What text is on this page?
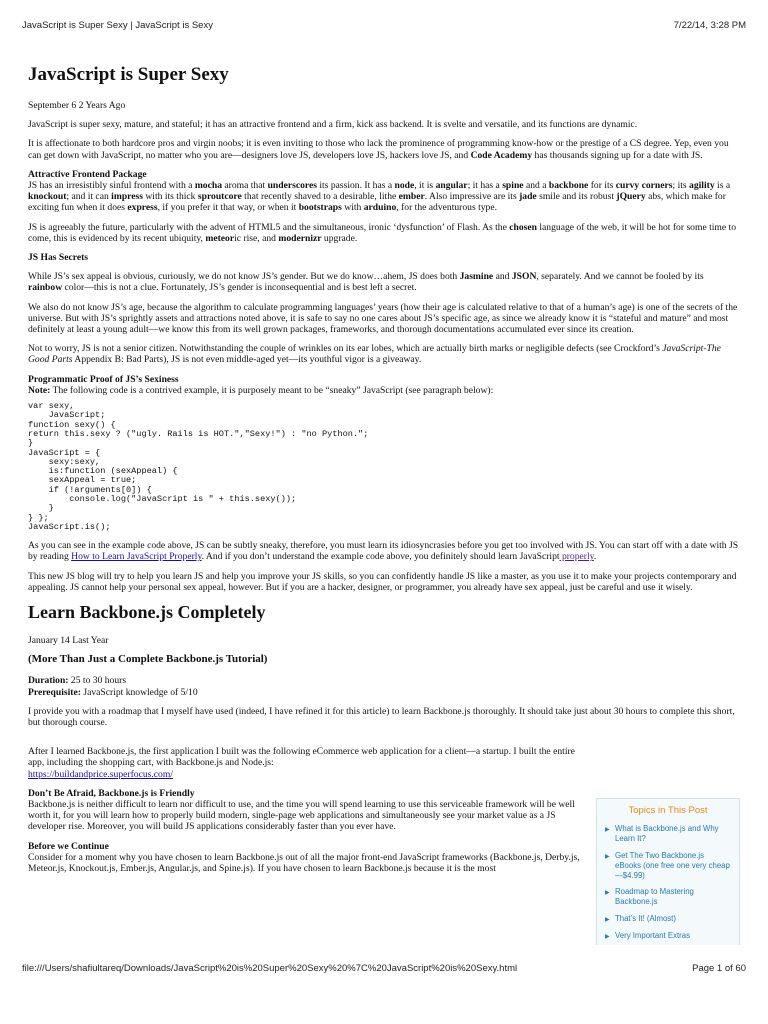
JavaScript is Super Sexy | JavaScript is Sexy	7/22/14, 3:28 PM
JavaScript is Super Sexy

September 6 2 Years Ago

JavaScript is super sexy, mature, and stateful; it has an attractive frontend and a firm, kick ass backend. It is svelte and versatile, and its functions are dynamic.

It is affectionate to both hardcore pros and virgin noobs; it is even inviting to those who lack the prominence of programming know-how or the prestige of a CS degree. Yep, even you can get down with JavaScript, no matter who you are—designers love JS, developers love JS, hackers love JS, and Code Academy has thousands signing up for a date with JS.

Attractive Frontend Package

JS has an irresistibly sinful frontend with a mocha aroma that underscores its passion. It has a node, it is angular; it has a spine and a backbone for its curvy corners; its agility is a knockout; and it can impress with its thick sproutcore that recently shaved to a desirable, lithe ember. Also impressive are its jade smile and its robust jQuery abs, which make for exciting fun when it does express, if you prefer it that way, or when it bootstraps with arduino, for the adventurous type.

JS is agreeably the future, particularly with the advent of HTML5 and the simultaneous, ironic ‘dysfunction’ of Flash. As the chosen language of the web, it will be hot for some time to come, this is evidenced by its recent ubiquity, meteoric rise, and modernizr upgrade.

JS Has Secrets

While JS’s sex appeal is obvious, curiously, we do not know JS’s gender. But we do know…ahem, JS does both Jasmine and JSON, separately. And we cannot be fooled by its rainbow color—this is not a clue. Fortunately, JS’s gender is inconsequential and is best left a secret.

We also do not know JS’s age, because the algorithm to calculate programming languages’ years (how their age is calculated relative to that of a human’s age) is one of the secrets of the universe. But with JS’s sprightly assets and attractions noted above, it is safe to say no one cares about JS’s specific age, as since we already know it is “stateful and mature” and most definitely at least a young adult—we know this from its well grown packages, frameworks, and thorough documentations accumulated ever since its creation.

Not to worry, JS is not a senior citizen. Notwithstanding the couple of wrinkles on its ear lobes, which are actually birth marks or negligible defects (see Crockford’s JavaScript-The Good Parts Appendix B: Bad Parts), JS is not even middle-aged yet—its youthful vigor is a giveaway.

Programmatic Proof of JS’s Sexiness

Note: The following code is a contrived example, it is purposely meant to be “sneaky” JavaScript (see paragraph below):

var sexy,
JavaScript;
function sexy() {
return this.sexy ? ("ugly. Rails is HOT.","Sexy!") : "no Python.";
}
JavaScript = {
sexy:sexy,
is:function (sexAppeal) {
sexAppeal = true;
if (!arguments[0]) {
console.log("JavaScript is " + this.sexy());
}
} };
JavaScript.is();

As you can see in the example code above, JS can be subtly sneaky, therefore, you must learn its idiosyncrasies before you get too involved with JS. You can start off with a date with JS by reading How to Learn JavaScript Properly. And if you don’t understand the example code above, you definitely should learn JavaScript properly.

This new JS blog will try to help you learn JS and help you improve your JS skills, so you can confidently handle JS like a master, as you use it to make your projects contemporary and appealing. JS cannot help your personal sex appeal, however. But if you are a hacker, designer, or programmer, you already have sex appeal, just be careful and use it wisely.

Learn Backbone.js Completely

January 14 Last Year

(More Than Just a Complete Backbone.js Tutorial)

Duration: 25 to 30 hours

Prerequisite: JavaScript knowledge of 5/10

I provide you with a roadmap that I myself have used (indeed, I have refined it for this article) to learn Backbone.js thoroughly. It should take just about 30 hours to complete this short, but thorough course.

After I learned Backbone.js, the first application I built was the following eCommerce web application for a client—a startup. I built the entire app, including the shopping cart, with Backbone.js and Node.js:
https://buildandprice.superfocus.com/

Don’t Be Afraid, Backbone.js is Friendly

Backbone.js is neither difficult to learn nor difficult to use, and the time you will spend learning to use this serviceable framework will be well worth it, for you will learn how to properly build modern, single-page web applications and simultaneously see your market value as a JS developer rise. Moreover, you will build JS applications considerably faster than you ever have.

Before we Continue

Consider for a moment why you have chosen to learn Backbone.js out of all the major front-end JavaScript frameworks (Backbone.js, Derby.js, Meteor.js, Knockout.js, Ember.js, Angular.js, and Spine.js). If you have chosen to learn Backbone.js because it is the most

Topics in This Post
▶ What is Backbone.js and Why Learn It?
▶ Get The Two Backbone.js eBooks (one free one very cheap—$4.99)
▶ Roadmap to Mastering Backbone.js
▶ That’s It! (Almost)
▶ Very Important Extras
file:///Users/shafiultareq/Downloads/JavaScript%20is%20Super%20Sexy%20%7C%20JavaScript%20is%20Sexy.html	Page 1 of 60
